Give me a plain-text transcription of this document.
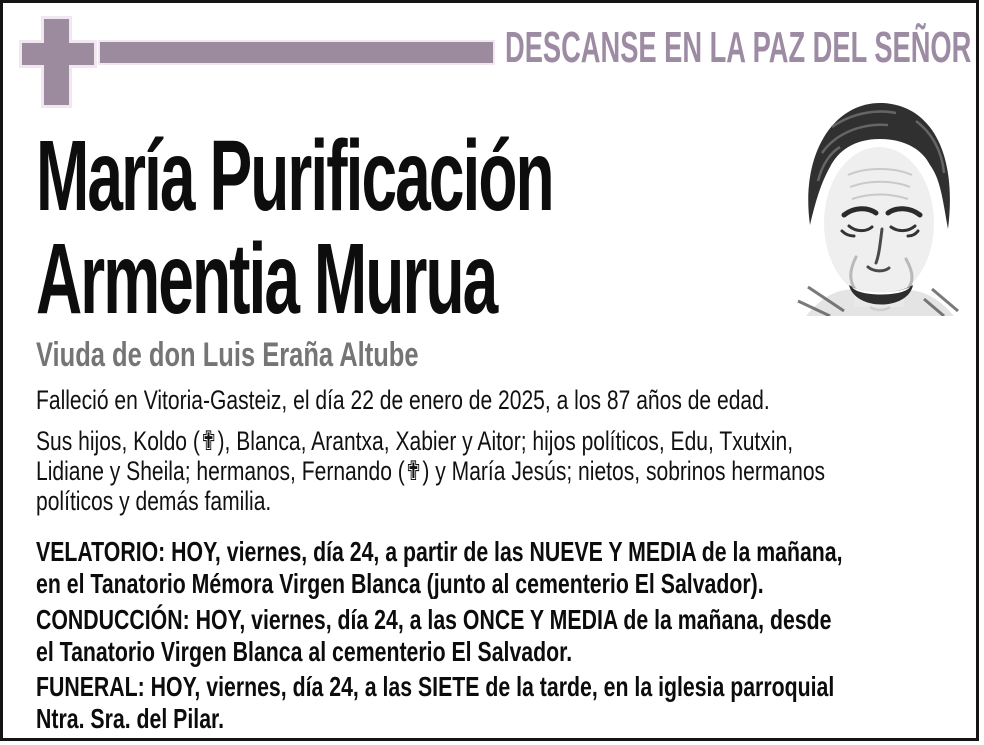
DESCANSE EN LA PAZ DEL SEÑOR
María Purificación
Armentia Murua
Viuda de don Luis Eraña Altube
Falleció en Vitoria-Gasteiz, el día 22 de enero de 2025, a los 87 años de edad.
Sus hijos, Koldo (✟), Blanca, Arantxa, Xabier y Aitor; hijos políticos, Edu, Txutxin,
Lidiane y Sheila; hermanos, Fernando (✟) y María Jesús; nietos, sobrinos hermanos
políticos y demás familia.
VELATORIO: HOY, viernes, día 24, a partir de las NUEVE Y MEDIA de la mañana,
en el Tanatorio Mémora Virgen Blanca (junto al cementerio El Salvador).
CONDUCCIÓN: HOY, viernes, día 24, a las ONCE Y MEDIA de la mañana, desde
el Tanatorio Virgen Blanca al cementerio El Salvador.
FUNERAL: HOY, viernes, día 24, a las SIETE de la tarde, en la iglesia parroquial
Ntra. Sra. del Pilar.
